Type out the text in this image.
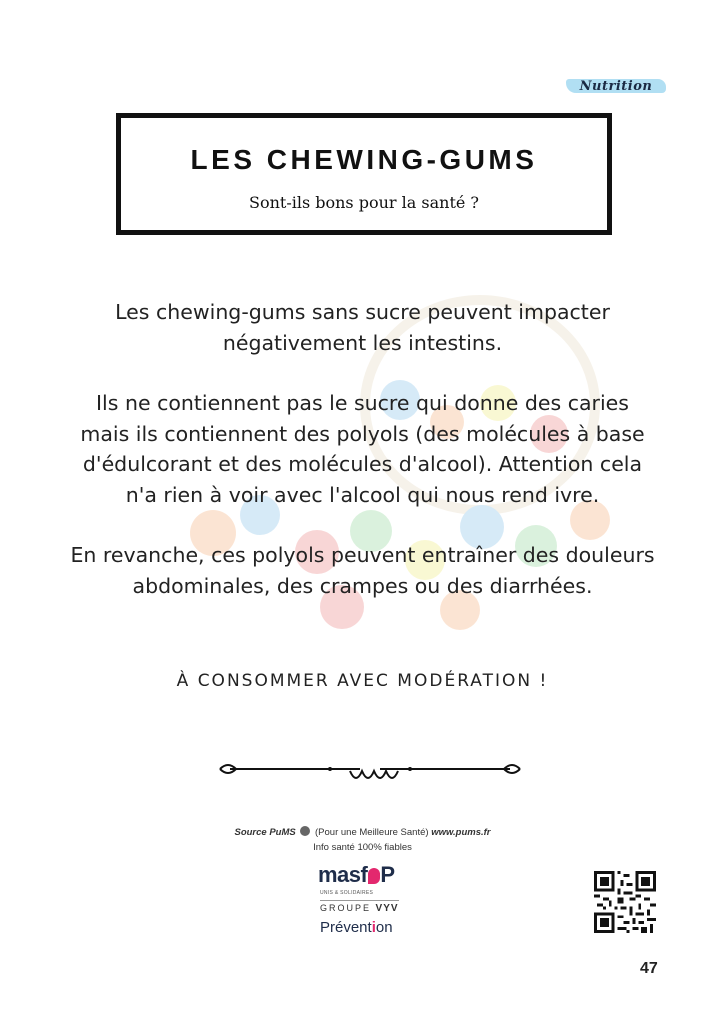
Nutrition
LES CHEWING-GUMS
Sont-ils bons pour la santé ?

Les chewing-gums sans sucre peuvent impacter négativement les intestins.

Ils ne contiennent pas le sucre qui donne des caries mais ils contiennent des polyols (des molécules à base d'édulcorant et des molécules d'alcool). Attention cela n'a rien à voir avec l'alcool qui nous rend ivre.

En revanche, ces polyols peuvent entraîner des douleurs abdominales, des crampes ou des diarrhées.

À CONSOMMER AVEC MODÉRATION !
Source PuMS (Pour une Meilleure Santé) www.pums.fr
Info santé 100% fiables
masf P
UNIS & SOLIDAIRES
GROUPE VYV
Prévention
47
